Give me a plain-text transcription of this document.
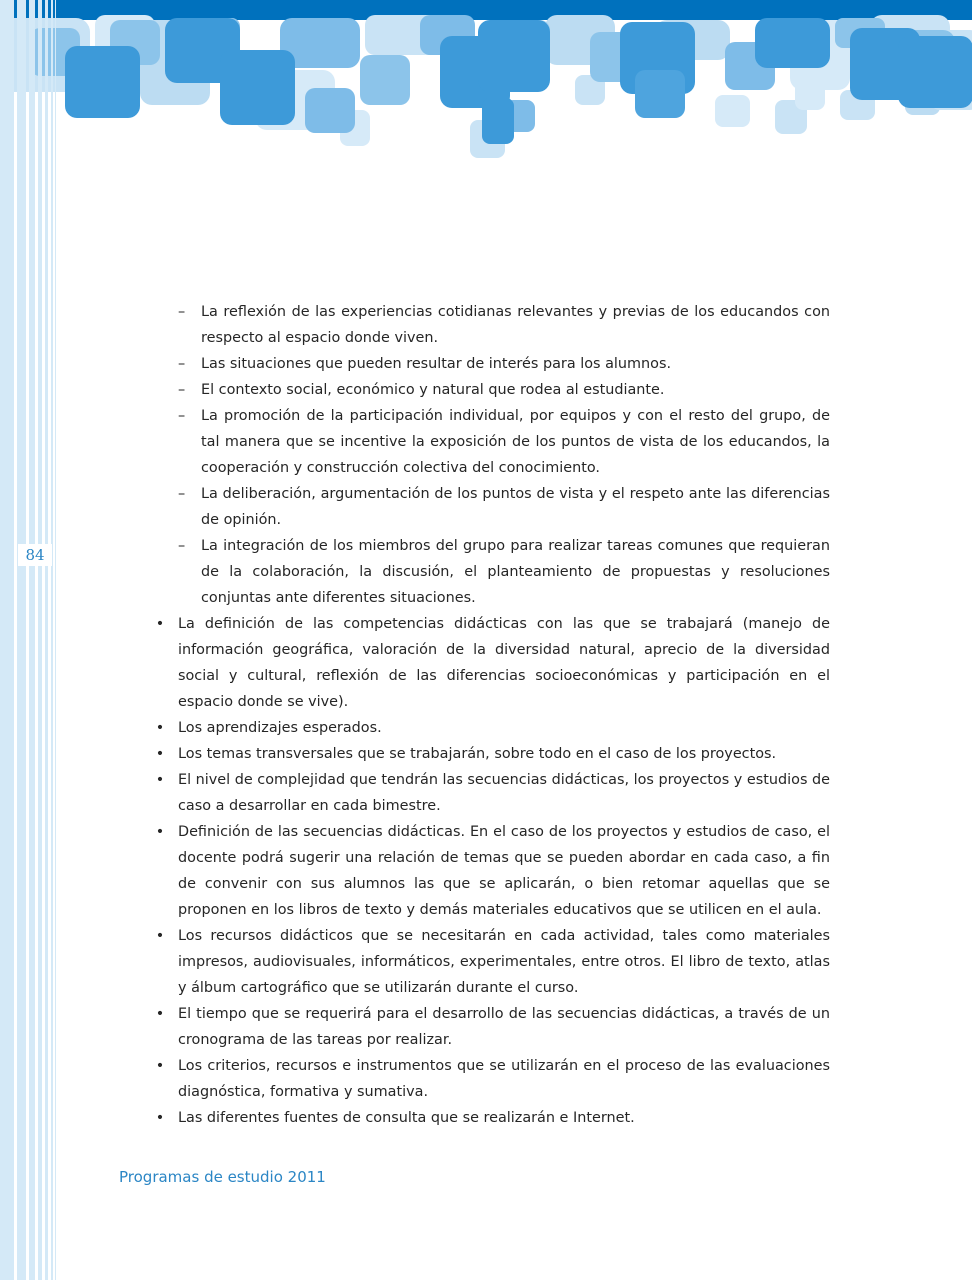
84
– La reflexión de las experiencias cotidianas relevantes y previas de los educandos con respecto al espacio donde viven.
– Las situaciones que pueden resultar de interés para los alumnos.
– El contexto social, económico y natural que rodea al estudiante.
– La promoción de la participación individual, por equipos y con el resto del grupo, de tal manera que se incentive la exposición de los puntos de vista de los educandos, la cooperación y construcción colectiva del conocimiento.
– La deliberación, argumentación de los puntos de vista y el respeto ante las diferencias de opinión.
– La integración de los miembros del grupo para realizar tareas comunes que requieran de la colaboración, la discusión, el planteamiento de propuestas y resoluciones conjuntas ante diferentes situaciones.
• La definición de las competencias didácticas con las que se trabajará (manejo de información geográfica, valoración de la diversidad natural, aprecio de la diversidad social y cultural, reflexión de las diferencias socioeconómicas y participación en el espacio donde se vive).
• Los aprendizajes esperados.
• Los temas transversales que se trabajarán, sobre todo en el caso de los proyectos.
• El nivel de complejidad que tendrán las secuencias didácticas, los proyectos y estudios de caso a desarrollar en cada bimestre.
• Definición de las secuencias didácticas. En el caso de los proyectos y estudios de caso, el docente podrá sugerir una relación de temas que se pueden abordar en cada caso, a fin de convenir con sus alumnos las que se aplicarán, o bien retomar aquellas que se proponen en los libros de texto y demás materiales educativos que se utilicen en el aula.
• Los recursos didácticos que se necesitarán en cada actividad, tales como materiales impresos, audiovisuales, informáticos, experimentales, entre otros. El libro de texto, atlas y álbum cartográfico que se utilizarán durante el curso.
• El tiempo que se requerirá para el desarrollo de las secuencias didácticas, a través de un cronograma de las tareas por realizar.
• Los criterios, recursos e instrumentos que se utilizarán en el proceso de las evaluaciones diagnóstica, formativa y sumativa.
• Las diferentes fuentes de consulta que se realizarán e Internet.
Programas de estudio 2011
